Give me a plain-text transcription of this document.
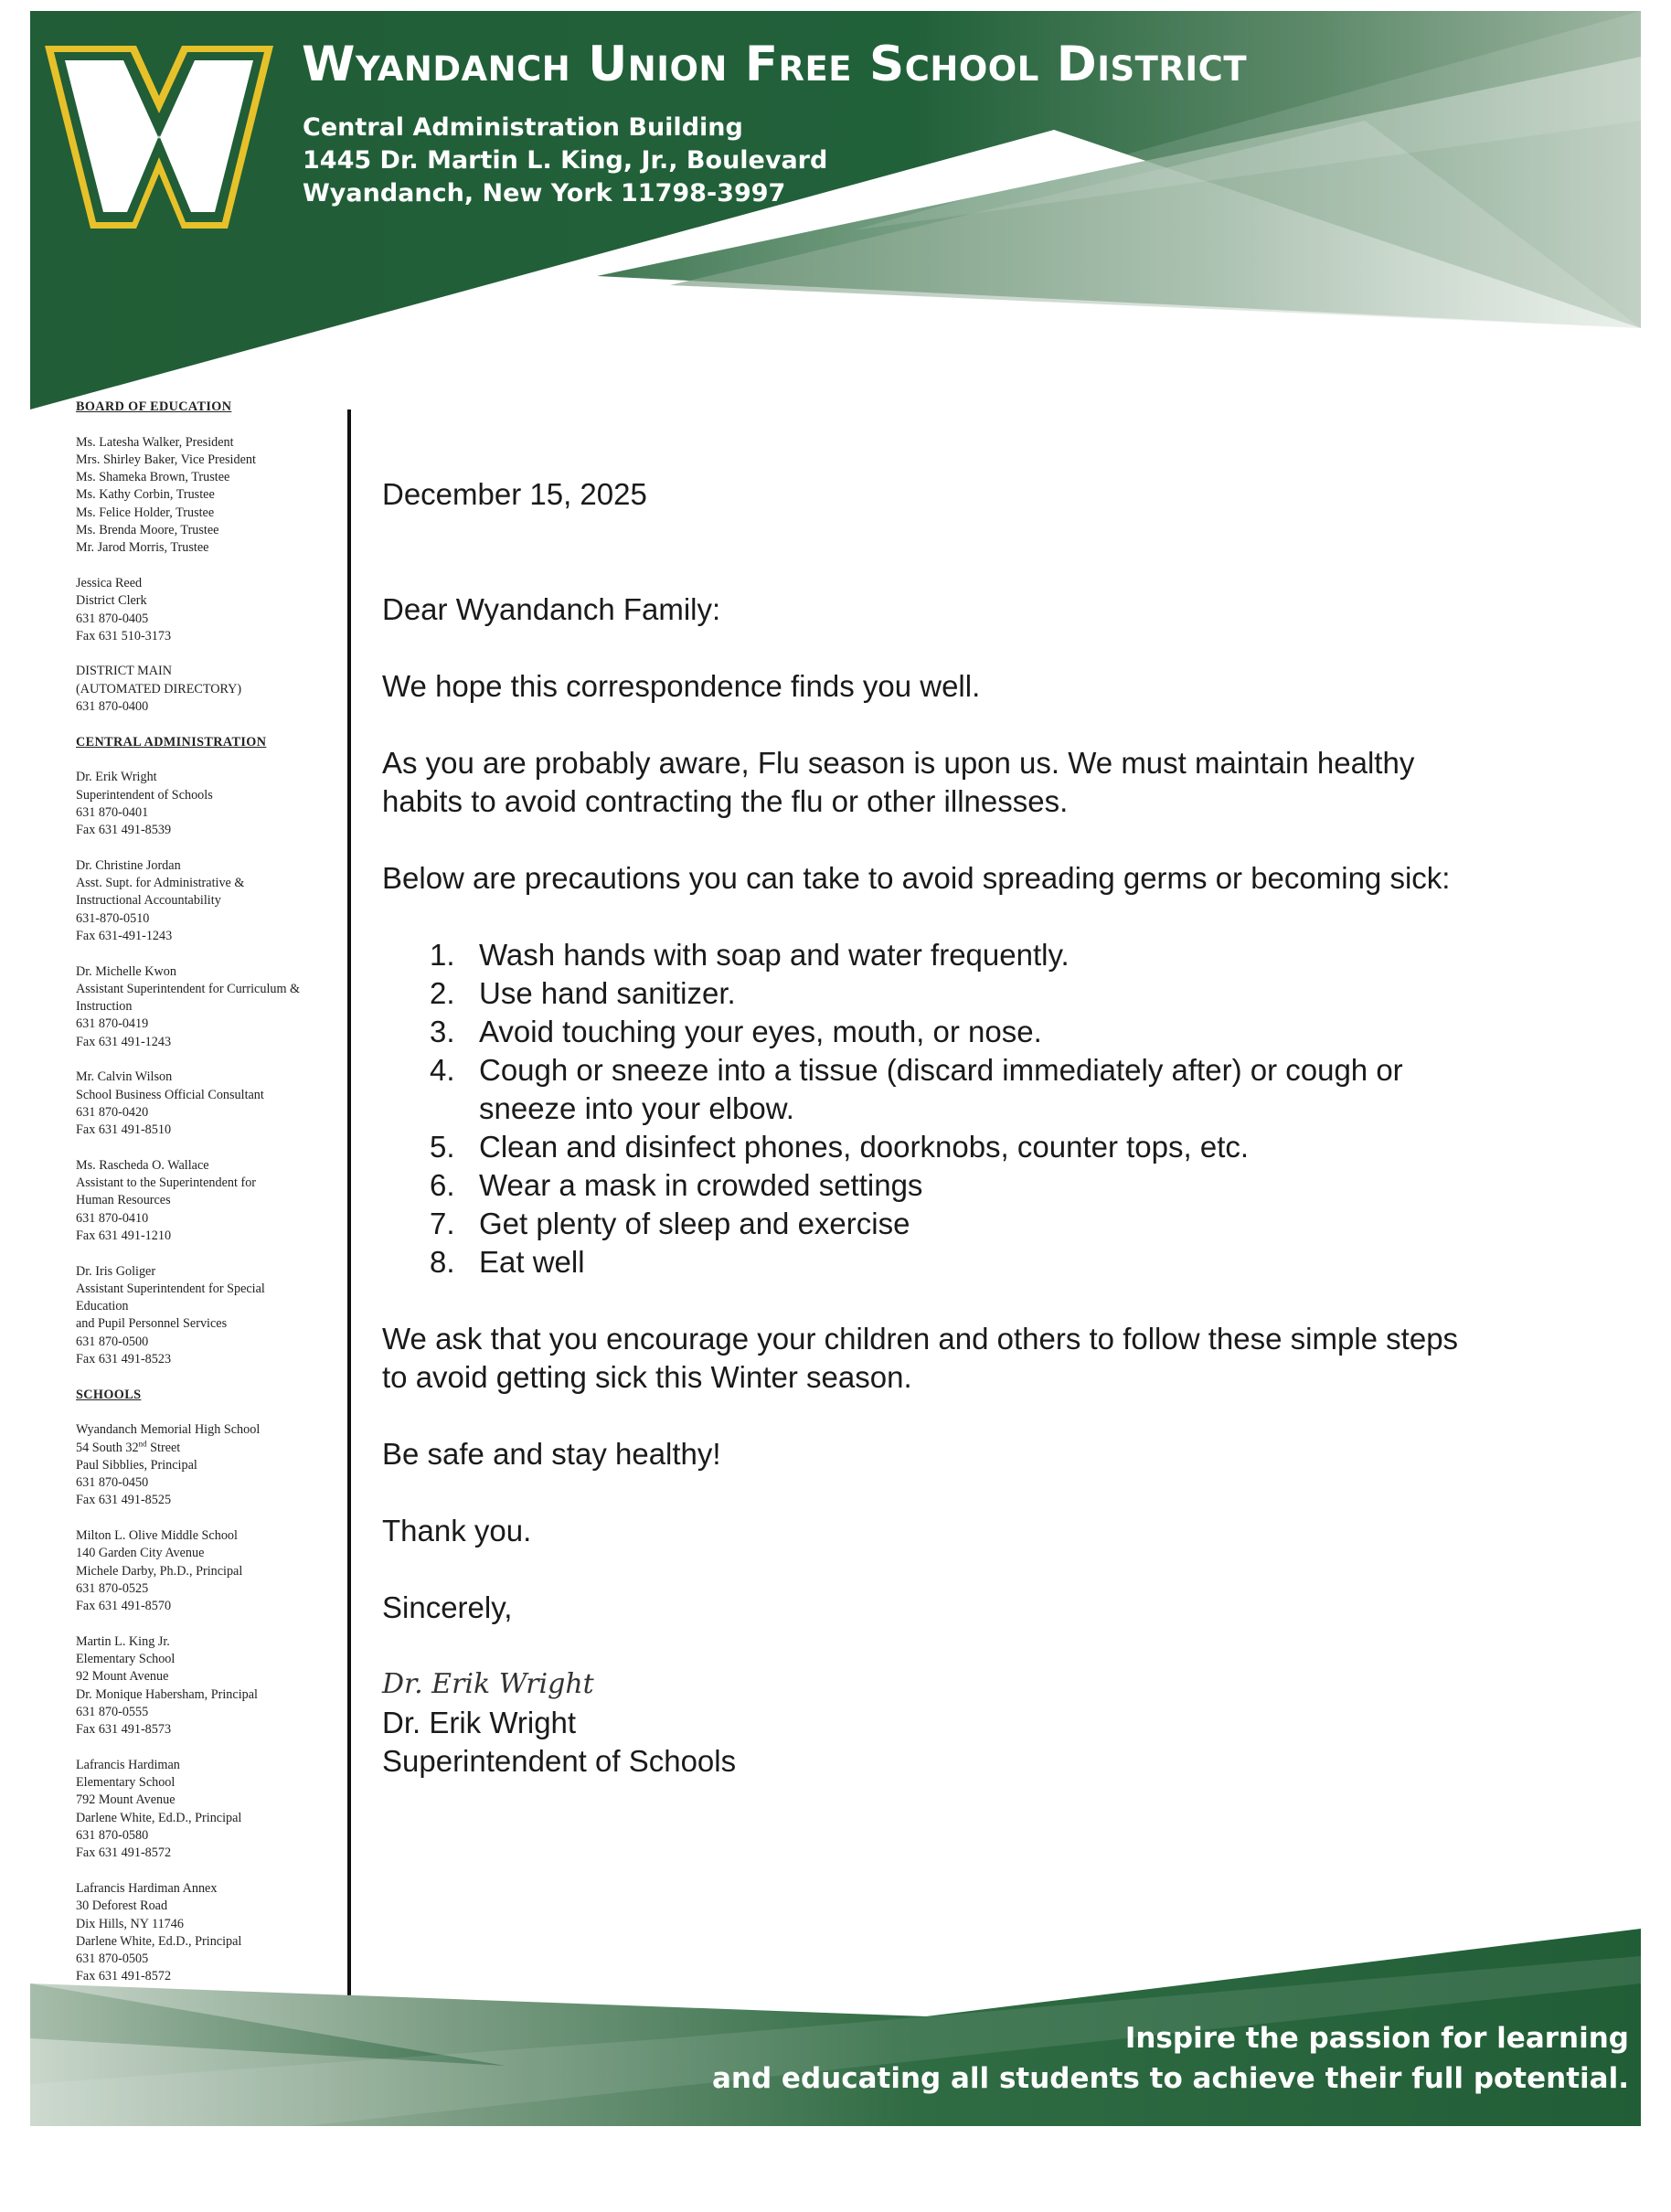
Wyandanch Union Free School District
Central Administration Building
1445 Dr. Martin L. King, Jr., Boulevard
Wyandanch, New York 11798-3997
BOARD OF EDUCATION
Ms. Latesha Walker, President
Mrs. Shirley Baker, Vice President
Ms. Shameka Brown, Trustee
Ms. Kathy Corbin, Trustee
Ms. Felice Holder, Trustee
Ms. Brenda Moore, Trustee
Mr. Jarod Morris, Trustee
Jessica Reed
District Clerk
631 870-0405
Fax 631 510-3173
DISTRICT MAIN
(AUTOMATED DIRECTORY)
631 870-0400
CENTRAL ADMINISTRATION
Dr. Erik Wright
Superintendent of Schools
631 870-0401
Fax 631 491-8539
Dr. Christine Jordan
Asst. Supt. for Administrative &
Instructional Accountability
631-870-0510
Fax 631-491-1243
Dr. Michelle Kwon
Assistant Superintendent for Curriculum &
Instruction
631 870-0419
Fax 631 491-1243
Mr. Calvin Wilson
School Business Official Consultant
631 870-0420
Fax 631 491-8510
Ms. Rascheda O. Wallace
Assistant to the Superintendent for
Human Resources
631 870-0410
Fax 631 491-1210
Dr. Iris Goliger
Assistant Superintendent for Special
Education
and Pupil Personnel Services
631 870-0500
Fax 631 491-8523
SCHOOLS
Wyandanch Memorial High School
54 South 32nd Street
Paul Sibblies, Principal
631 870-0450
Fax 631 491-8525
Milton L. Olive Middle School
140 Garden City Avenue
Michele Darby, Ph.D., Principal
631 870-0525
Fax 631 491-8570
Martin L. King Jr.
Elementary School
92 Mount Avenue
Dr. Monique Habersham, Principal
631 870-0555
Fax 631 491-8573
Lafrancis Hardiman
Elementary School
792 Mount Avenue
Darlene White, Ed.D., Principal
631 870-0580
Fax 631 491-8572
Lafrancis Hardiman Annex
30 Deforest Road
Dix Hills, NY 11746
Darlene White, Ed.D., Principal
631 870-0505
Fax 631 491-8572

December 15, 2025

Dear Wyandanch Family:

We hope this correspondence finds you well.

As you are probably aware, Flu season is upon us. We must maintain healthy

habits to avoid contracting the flu or other illnesses.

Below are precautions you can take to avoid spreading germs or becoming sick:

1. Wash hands with soap and water frequently.
2. Use hand sanitizer.
3. Avoid touching your eyes, mouth, or nose.
4. Cough or sneeze into a tissue (discard immediately after) or cough or
sneeze into your elbow.
5. Clean and disinfect phones, doorknobs, counter tops, etc.
6. Wear a mask in crowded settings
7. Get plenty of sleep and exercise
8. Eat well

We ask that you encourage your children and others to follow these simple steps

to avoid getting sick this Winter season.

Be safe and stay healthy!

Thank you.

Sincerely,

Dr. Erik Wright

Dr. Erik Wright

Superintendent of Schools

Inspire the passion for learning
and educating all students to achieve their full potential.
